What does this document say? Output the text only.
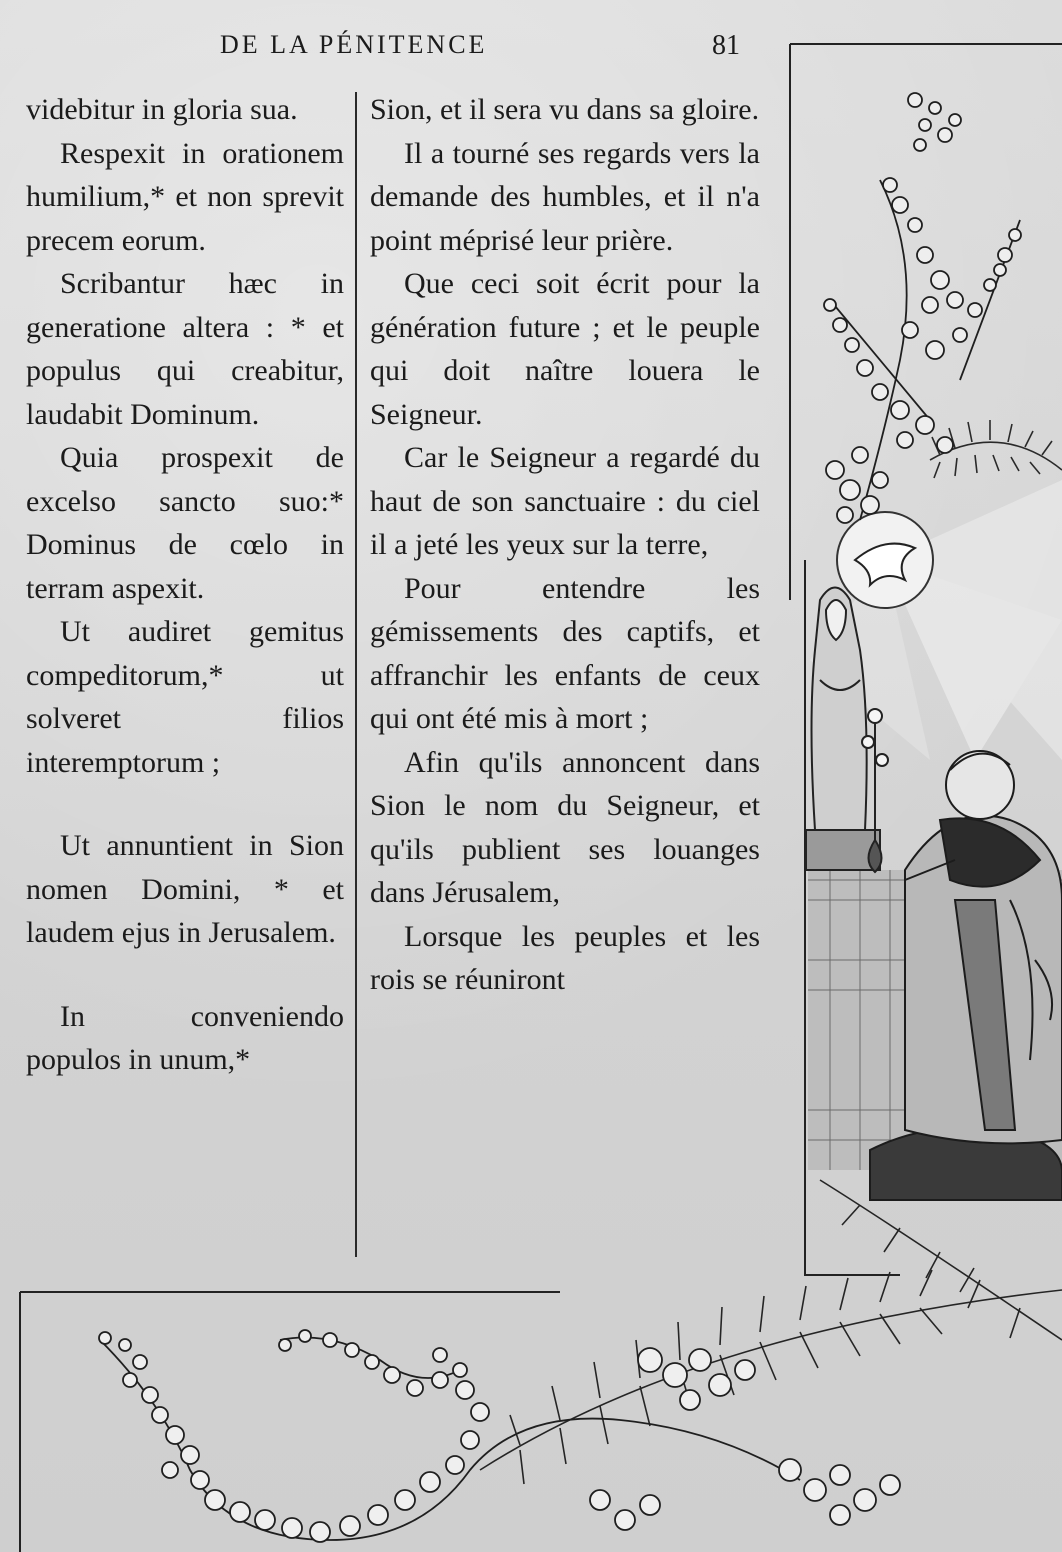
DE LA PÉNITENCE	81

videbitur in gloria sua.

Respexit in orationem humilium,* et non sprevit precem eorum.

Scribantur hæc in generatione altera : * et populus qui creabitur, laudabit Dominum.

Quia prospexit de excelso sancto suo:* Dominus de cœlo in terram aspexit.

Ut audiret gemitus compeditorum,* ut solveret filios interemptorum ;

Ut annuntient in Sion nomen Domini, * et laudem ejus in Jerusalem.

In conveniendo populos in unum,*

Sion, et il sera vu dans sa gloire.

Il a tourné ses regards vers la demande des humbles, et il n'a point méprisé leur prière.

Que ceci soit écrit pour la génération future ; et le peuple qui doit naître louera le Seigneur.

Car le Seigneur a regardé du haut de son sanctuaire : du ciel il a jeté les yeux sur la terre,

Pour entendre les gémissements des captifs, et affranchir les enfants de ceux qui ont été mis à mort ;

Afin qu'ils annoncent dans Sion le nom du Seigneur, et qu'ils publient ses louanges dans Jérusalem,

Lorsque les peuples et les rois se réuniront
